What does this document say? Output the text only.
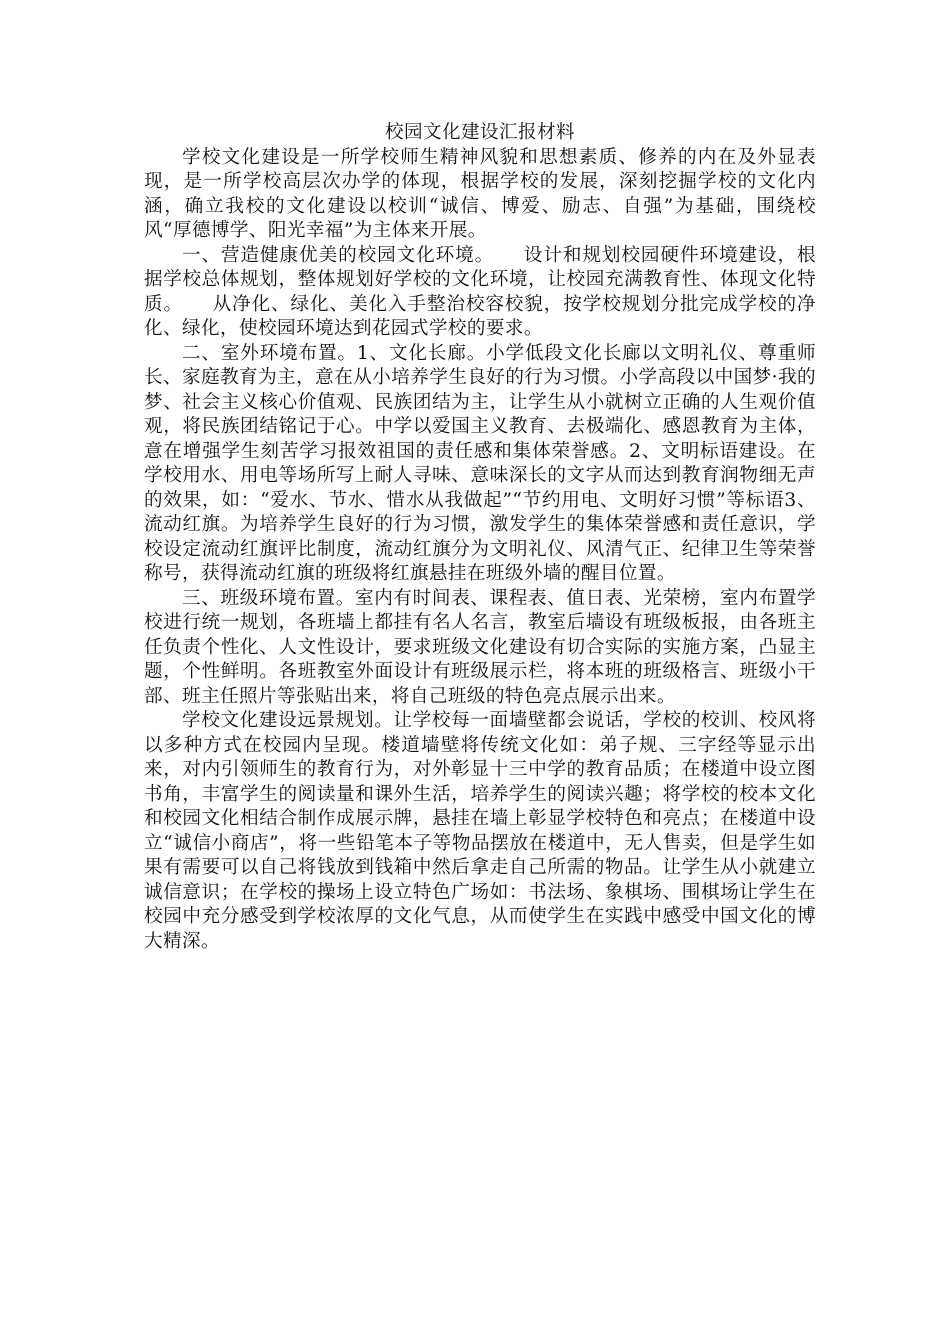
校园文化建设汇报材料

学校文化建设是一所学校师生精神风貌和思想素质、修养的内在及外显表现，是一所学校高层次办学的体现，根据学校的发展，深刻挖掘学校的文化内涵，确立我校的文化建设以校训“诚信、博爱、励志、自强”为基础，围绕校风“厚德博学、阳光幸福”为主体来开展。

一、营造健康优美的校园文化环境。　　设计和规划校园硬件环境建设，根据学校总体规划，整体规划好学校的文化环境，让校园充满教育性、体现文化特质。　　从净化、绿化、美化入手整治校容校貌，按学校规划分批完成学校的净化、绿化，使校园环境达到花园式学校的要求。

二、室外环境布置。1、文化长廊。小学低段文化长廊以文明礼仪、尊重师长、家庭教育为主，意在从小培养学生良好的行为习惯。小学高段以中国梦·我的梦、社会主义核心价值观、民族团结为主，让学生从小就树立正确的人生观价值观，将民族团结铭记于心。中学以爱国主义教育、去极端化、感恩教育为主体，意在增强学生刻苦学习报效祖国的责任感和集体荣誉感。2、文明标语建设。在学校用水、用电等场所写上耐人寻味、意味深长的文字从而达到教育润物细无声的效果，如：“爱水、节水、惜水从我做起”“节约用电、文明好习惯”等标语3、流动红旗。为培养学生良好的行为习惯，激发学生的集体荣誉感和责任意识，学校设定流动红旗评比制度，流动红旗分为文明礼仪、风清气正、纪律卫生等荣誉称号，获得流动红旗的班级将红旗悬挂在班级外墙的醒目位置。

三、班级环境布置。室内有时间表、课程表、值日表、光荣榜，室内布置学校进行统一规划，各班墙上都挂有名人名言，教室后墙设有班级板报，由各班主任负责个性化、人文性设计，要求班级文化建设有切合实际的实施方案，凸显主题，个性鲜明。各班教室外面设计有班级展示栏，将本班的班级格言、班级小干部、班主任照片等张贴出来，将自己班级的特色亮点展示出来。

学校文化建设远景规划。让学校每一面墙壁都会说话，学校的校训、校风将以多种方式在校园内呈现。楼道墙壁将传统文化如：弟子规、三字经等显示出来，对内引领师生的教育行为，对外彰显十三中学的教育品质；在楼道中设立图书角，丰富学生的阅读量和课外生活，培养学生的阅读兴趣；将学校的校本文化和校园文化相结合制作成展示牌，悬挂在墙上彰显学校特色和亮点；在楼道中设立“诚信小商店”，将一些铅笔本子等物品摆放在楼道中，无人售卖，但是学生如果有需要可以自己将钱放到钱箱中然后拿走自己所需的物品。让学生从小就建立诚信意识；在学校的操场上设立特色广场如：书法场、象棋场、围棋场让学生在校园中充分感受到学校浓厚的文化气息，从而使学生在实践中感受中国文化的博大精深。
